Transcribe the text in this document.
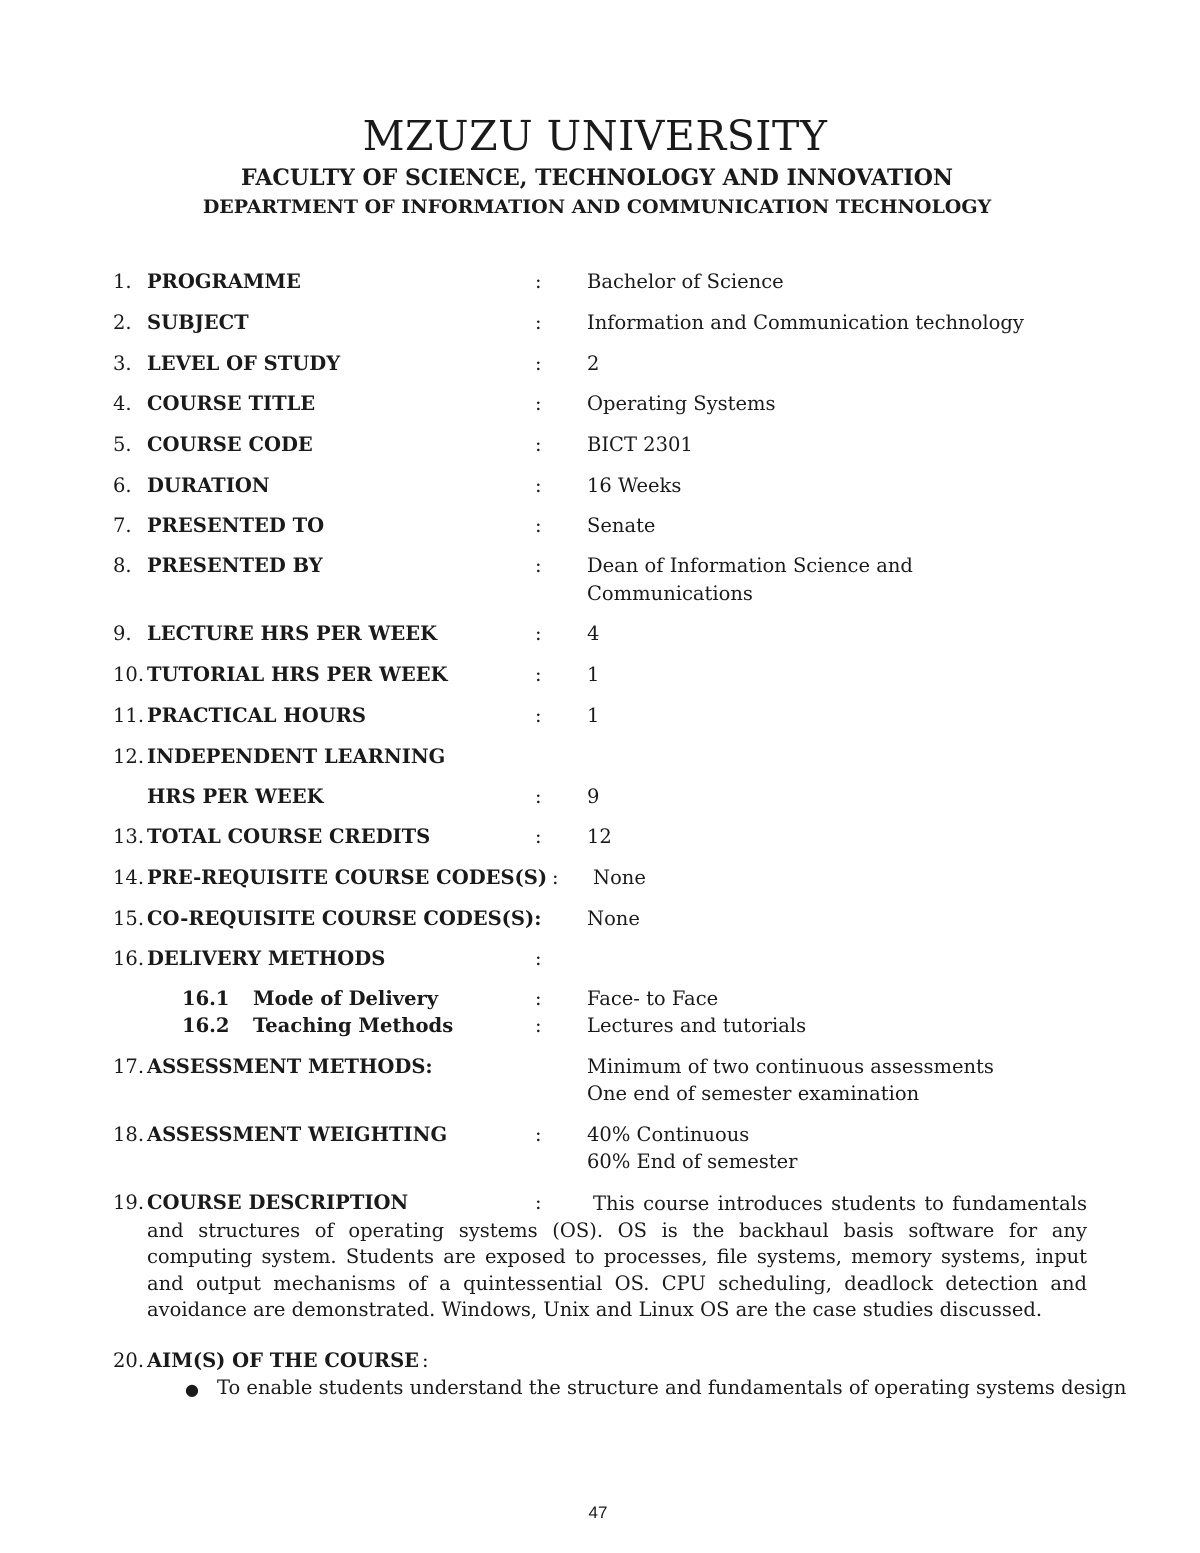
MZUZU UNIVERSITY
FACULTY OF SCIENCE, TECHNOLOGY AND INNOVATION
DEPARTMENT OF INFORMATION AND COMMUNICATION TECHNOLOGY
1. PROGRAMME	: Bachelor of Science
2. SUBJECT	: Information and Communication technology
3. LEVEL OF STUDY	: 2
4. COURSE TITLE	: Operating Systems
5. COURSE CODE	: BICT 2301
6. DURATION	: 16 Weeks
7. PRESENTED TO	: Senate
8. PRESENTED BY	: Dean of Information Science and
Communications
9. LECTURE HRS PER WEEK	: 4
10. TUTORIAL HRS PER WEEK	: 1
11. PRACTICAL HOURS	: 1
12. INDEPENDENT LEARNING
HRS PER WEEK	: 9
13. TOTAL COURSE CREDITS	: 12
14. PRE-REQUISITE COURSE CODES(S) : None
15. CO-REQUISITE COURSE CODES(S): None
16. DELIVERY METHODS	:
16.1 Mode of Delivery	: Face- to Face
16.2 Teaching Methods	: Lectures and tutorials
17. ASSESSMENT METHODS:	Minimum of two continuous assessments
One end of semester examination
18. ASSESSMENT WEIGHTING	: 40% Continuous
60% End of semester
19. COURSE DESCRIPTION	:	This course introduces students to fundamentals and structures of operating systems (OS). OS is the backhaul basis software for any computing system. Students are exposed to processes, file systems, memory systems, input and output mechanisms of a quintessential OS. CPU scheduling, deadlock detection and avoidance are demonstrated. Windows, Unix and Linux OS are the case studies discussed.
20. AIM(S) OF THE COURSE :
● To enable students understand the structure and fundamentals of operating systems design
47
